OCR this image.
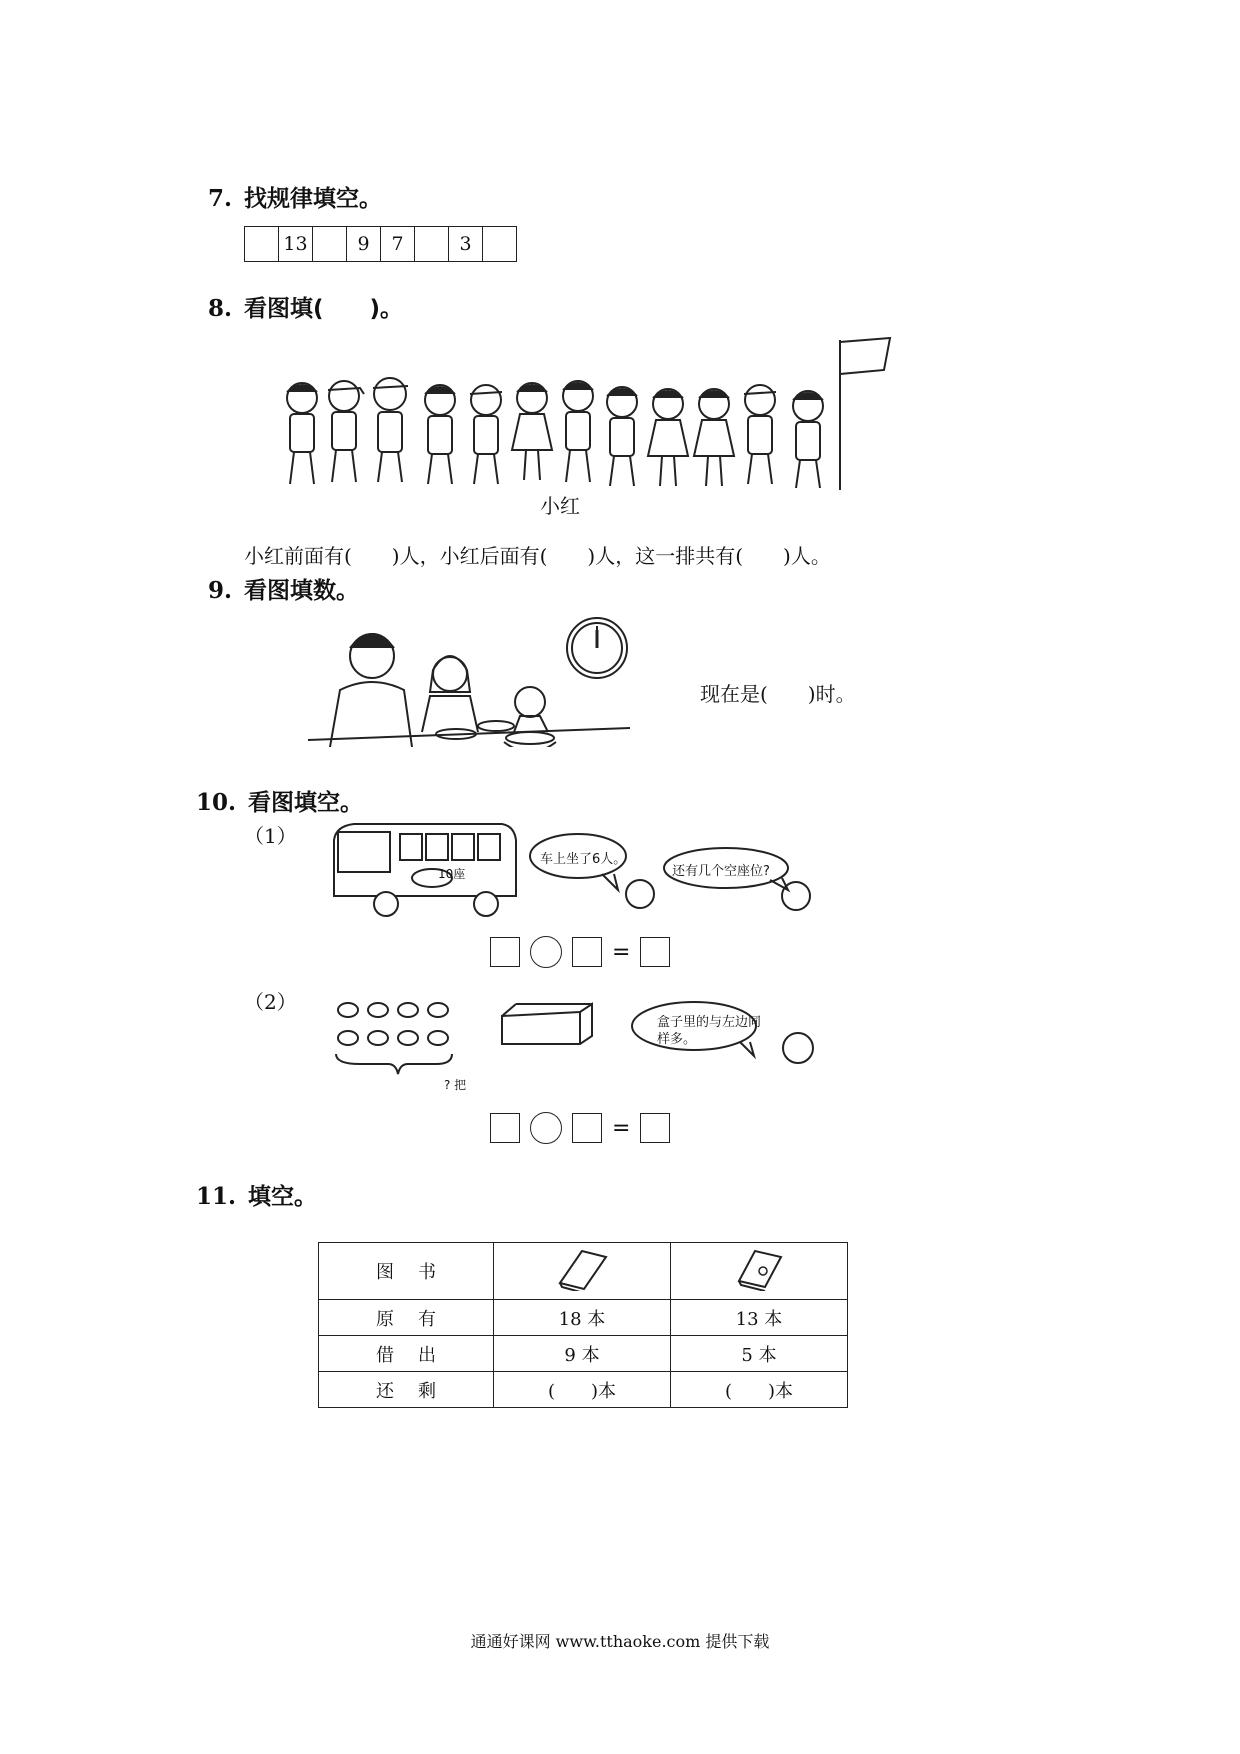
7. 找规律填空。
	13		9	7		3	
8. 看图填(　　)。
小红
小红前面有(　　)人，小红后面有(　　)人，这一排共有(　　)人。
9. 看图填数。
现在是(　　)时。
10. 看图填空。
（1）
10座
车上坐了6人。
还有几个空座位?
=
（2）
盒子里的与左边同样多。
? 把
=
11. 填空。
图书		
原有	18 本	13 本
借出	9 本	5 本
还剩	(　　)本	(　　)本
通通好课网 www.tthaoke.com 提供下载
